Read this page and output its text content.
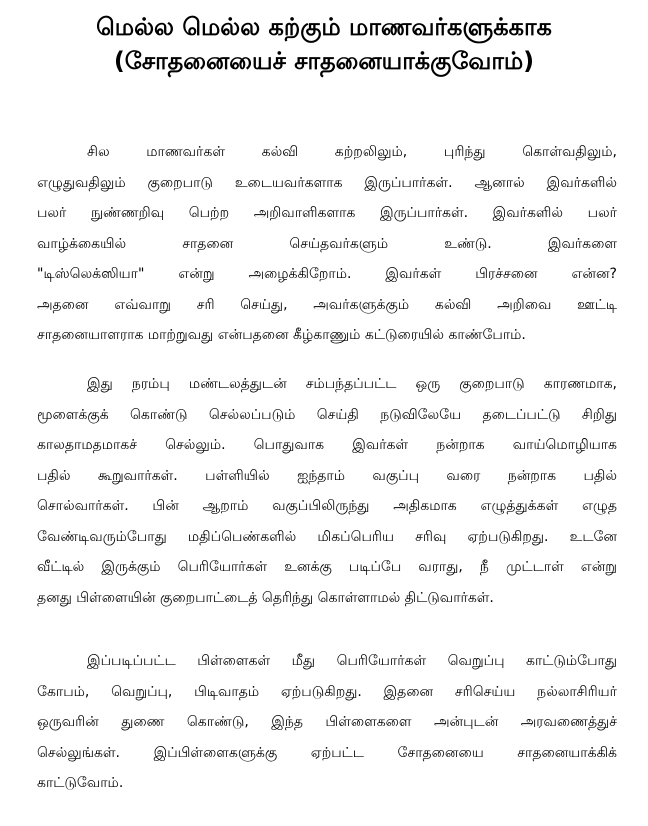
மெல்ல மெல்ல கற்கும் மாணவர்களுக்காக
(சோதனையைச் சாதனையாக்குவோம்)
சில மாணவர்கள் கல்வி கற்றலிலும், புரிந்து கொள்வதிலும்,
எழுதுவதிலும் குறைபாடு உடையவர்களாக இருப்பார்கள். ஆனால் இவர்களில்
பலர் நுண்ணறிவு பெற்ற அறிவாளிகளாக இருப்பார்கள். இவர்களில் பலர்
வாழ்க்கையில் சாதனை செய்தவர்களும் உண்டு. இவர்களை
"டிஸ்லெக்ஸியா" என்று அழைக்கிறோம். இவர்கள் பிரச்சனை என்ன?
அதனை எவ்வாறு சரி செய்து, அவர்களுக்கும் கல்வி அறிவை ஊட்டி
சாதனையாளராக மாற்றுவது என்பதனை கீழ்காணும் கட்டுரையில் காண்போம்.
இது நரம்பு மண்டலத்துடன் சம்பந்தப்பட்ட ஒரு குறைபாடு காரணமாக,
மூளைக்குக் கொண்டு செல்லப்படும் செய்தி நடுவிலேயே தடைப்பட்டு சிறிது
காலதாமதமாகச் செல்லும். பொதுவாக இவர்கள் நன்றாக வாய்மொழியாக
பதில் கூறுவார்கள். பள்ளியில் ஐந்தாம் வகுப்பு வரை நன்றாக பதில்
சொல்வார்கள். பின் ஆறாம் வகுப்பிலிருந்து அதிகமாக எழுத்துக்கள் எழுத
வேண்டிவரும்போது மதிப்பெண்களில் மிகப்பெரிய சரிவு ஏற்படுகிறது. உடனே
வீட்டில் இருக்கும் பெரியோர்கள் உனக்கு படிப்பே வராது, நீ முட்டாள் என்று
தனது பிள்ளையின் குறைபாட்டைத் தெரிந்து கொள்ளாமல் திட்டுவார்கள்.
இப்படிப்பட்ட பிள்ளைகள் மீது பெரியோர்கள் வெறுப்பு காட்டும்போது
கோபம், வெறுப்பு, பிடிவாதம் ஏற்படுகிறது. இதனை சரிசெய்ய நல்லாசிரியர்
ஒருவரின் துணை கொண்டு, இந்த பிள்ளைகளை அன்புடன் அரவணைத்துச்
செல்லுங்கள். இப்பிள்ளைகளுக்கு ஏற்பட்ட சோதனையை சாதனையாக்கிக்
காட்டுவோம்.
